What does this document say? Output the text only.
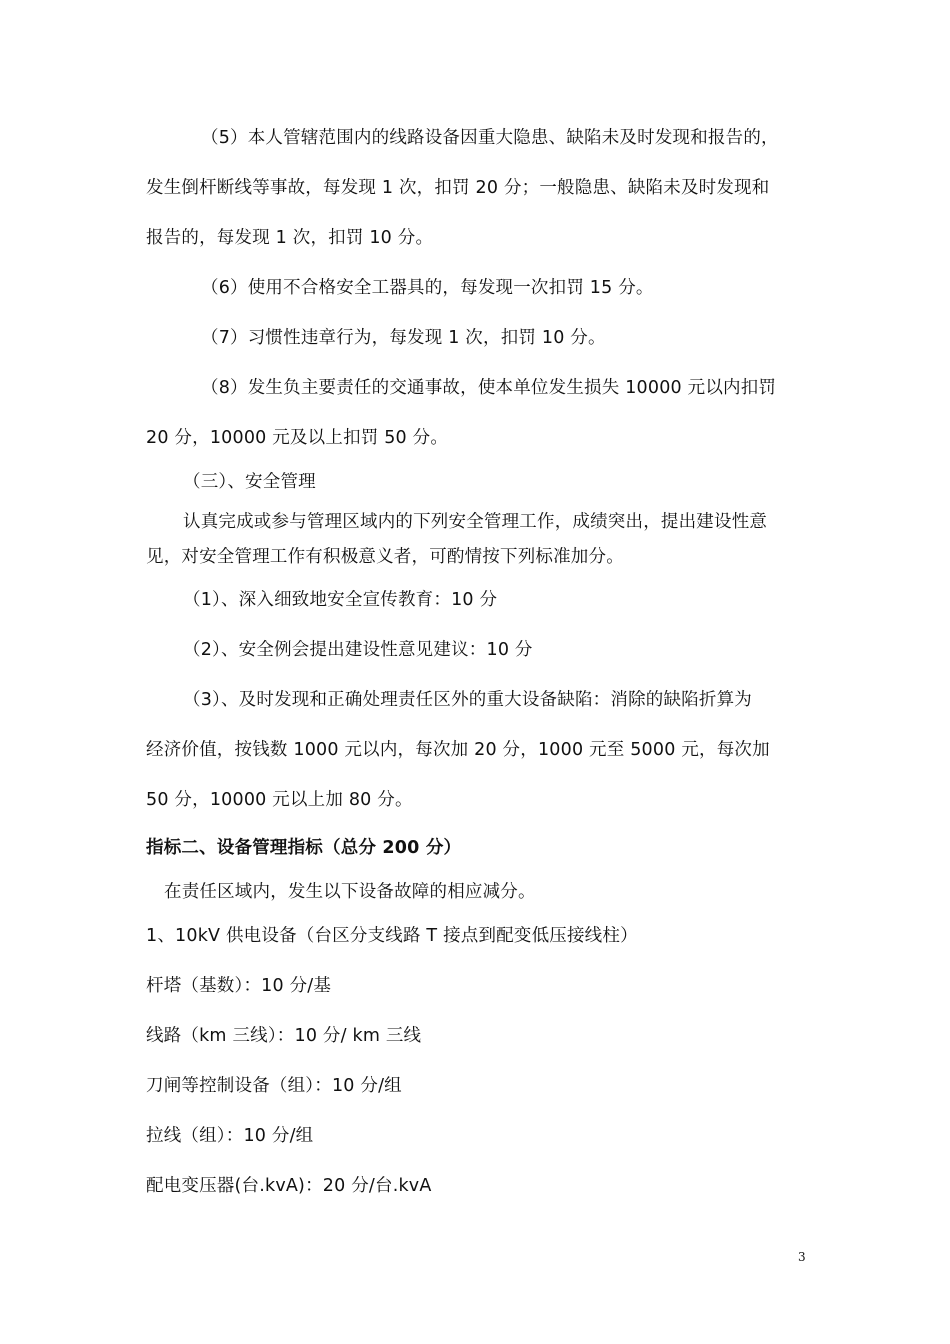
（5）本人管辖范围内的线路设备因重大隐患、缺陷未及时发现和报告的，
发生倒杆断线等事故，每发现 1 次，扣罚 20 分；一般隐患、缺陷未及时发现和
报告的，每发现 1 次，扣罚 10 分。
（6）使用不合格安全工器具的，每发现一次扣罚 15 分。
（7）习惯性违章行为，每发现 1 次，扣罚 10 分。
（8）发生负主要责任的交通事故，使本单位发生损失 10000 元以内扣罚
20 分，10000 元及以上扣罚 50 分。
（三）、安全管理
认真完成或参与管理区域内的下列安全管理工作，成绩突出，提出建设性意
见，对安全管理工作有积极意义者，可酌情按下列标准加分。
（1）、深入细致地安全宣传教育：10 分
（2）、安全例会提出建设性意见建议：10 分
（3）、及时发现和正确处理责任区外的重大设备缺陷：消除的缺陷折算为
经济价值，按钱数 1000 元以内，每次加 20 分，1000 元至 5000 元，每次加
50 分，10000 元以上加 80 分。
指标二、设备管理指标（总分 200 分）
在责任区域内，发生以下设备故障的相应减分。
1、10kV 供电设备（台区分支线路 T 接点到配变低压接线柱）
杆塔（基数）：10 分/基
线路（km 三线）：10 分/ km 三线
刀闸等控制设备（组）：10 分/组
拉线（组）：10 分/组
配电变压器(台.kvA)：20 分/台.kvA
3
